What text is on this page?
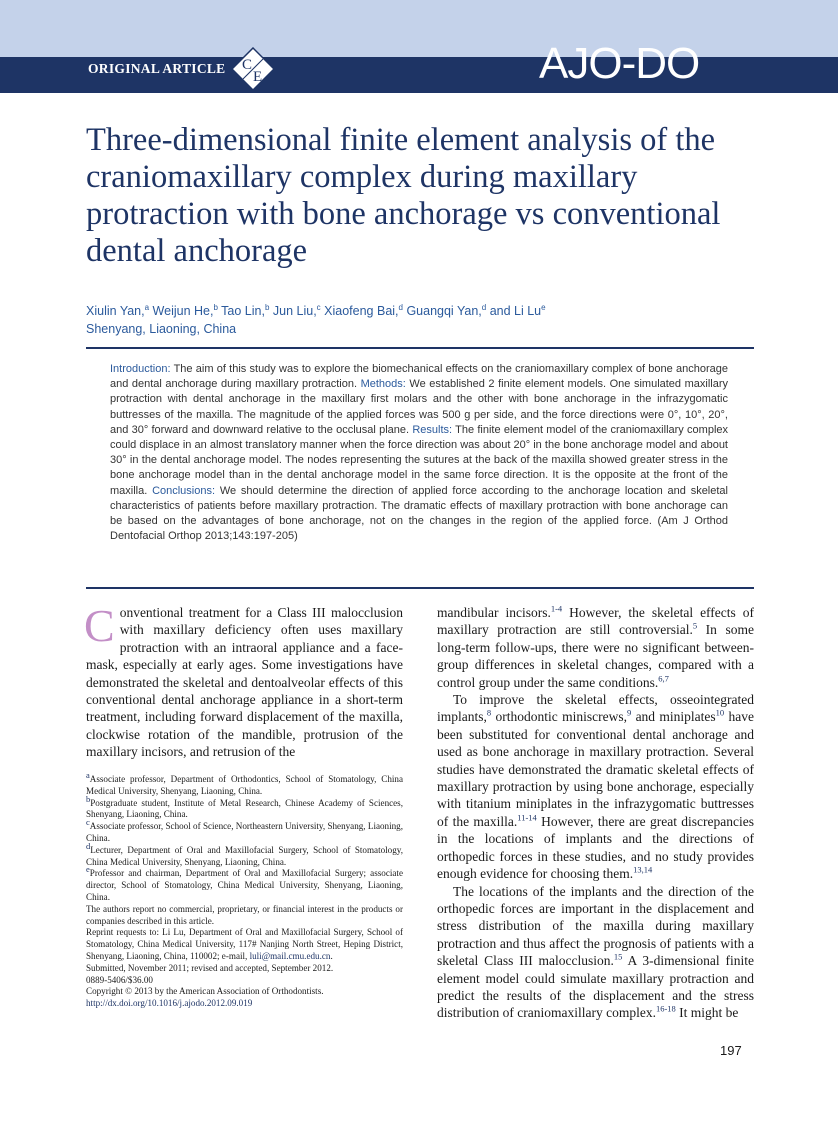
ORIGINAL ARTICLE C
E	AJO-DO
Three-dimensional finite element analysis of the craniomaxillary complex during maxillary protraction with bone anchorage vs conventional dental anchorage
Xiulin Yan,$^a$ Weijun He,$^b$ Tao Lin,$^b$ Jun Liu,$^c$ Xiaofeng Bai,$^d$ Guangqi Yan,$^d$ and Li Lu$^e$
Shenyang, Liaoning, China

Introduction: The aim of this study was to explore the biomechanical effects on the craniomaxillary complex of bone anchorage and dental anchorage during maxillary protraction. Methods: We established 2 finite element models. One simulated maxillary protraction with dental anchorage in the maxillary first molars and the other with bone anchorage in the infrazygomatic buttresses of the maxilla. The magnitude of the applied forces was 500 g per side, and the force directions were 0°, 10°, 20°, and 30° forward and downward relative to the occlusal plane. Results: The finite element model of the craniomaxillary complex could displace in an almost translatory manner when the force direction was about 20° in the bone anchorage model and about 30° in the dental anchorage model. The nodes representing the sutures at the back of the maxilla showed greater stress in the bone anchorage model than in the dental anchorage model in the same force direction. It is the opposite at the front of the maxilla. Conclusions: We should determine the direction of applied force according to the anchorage location and skeletal characteristics of patients before maxillary protraction. The dramatic effects of maxillary protraction with bone anchorage can be based on the advantages of bone anchorage, not on the changes in the region of the applied force. (Am J Orthod Dentofacial Orthop 2013;143:197-205)

Conventional treatment for a Class III malocclusion with maxillary deficiency often uses maxillary protraction with an intraoral appliance and a face-mask, especially at early ages. Some investigations have demonstrated the skeletal and dentoalveolar effects of this conventional dental anchorage appliance in a short-term treatment, including forward displacement of the maxilla, clockwise rotation of the mandible, protrusion of the maxillary incisors, and retrusion of the

$^a$Associate professor, Department of Orthodontics, School of Stomatology, China Medical University, Shenyang, Liaoning, China.

$^b$Postgraduate student, Institute of Metal Research, Chinese Academy of Sciences, Shenyang, Liaoning, China.

$^c$Associate professor, School of Science, Northeastern University, Shenyang, Liaoning, China.

$^d$Lecturer, Department of Oral and Maxillofacial Surgery, School of Stomatology, China Medical University, Shenyang, Liaoning, China.

$^e$Professor and chairman, Department of Oral and Maxillofacial Surgery; associate director, School of Stomatology, China Medical University, Shenyang, Liaoning, China.

The authors report no commercial, proprietary, or financial interest in the products or companies described in this article.

Reprint requests to: Li Lu, Department of Oral and Maxillofacial Surgery, School of Stomatology, China Medical University, 117# Nanjing North Street, Heping District, Shenyang, Liaoning, China, 110002; e-mail, luli@mail.cmu.edu.cn.

Submitted, November 2011; revised and accepted, September 2012.

0889-5406/$36.00

Copyright © 2013 by the American Association of Orthodontists.

http://dx.doi.org/10.1016/j.ajodo.2012.09.019

mandibular incisors.$^{1-4}$ However, the skeletal effects of maxillary protraction are still controversial.$^5$ In some long-term follow-ups, there were no significant between-group differences in skeletal changes, compared with a control group under the same conditions.$^{6,7}$

To improve the skeletal effects, osseointegrated implants,$^8$ orthodontic miniscrews,$^9$ and miniplates$^{10}$ have been substituted for conventional dental anchorage and used as bone anchorage in maxillary protraction. Several studies have demonstrated the dramatic skeletal effects of maxillary protraction by using bone anchorage, especially with titanium miniplates in the infrazygomatic buttresses of the maxilla.$^{11-14}$ However, there are great discrepancies in the locations of implants and the directions of orthopedic forces in these studies, and no study provides enough evidence for choosing them.$^{13,14}$

The locations of the implants and the direction of the orthopedic forces are important in the displacement and stress distribution of the maxilla during maxillary protraction and thus affect the prognosis of patients with a skeletal Class III malocclusion.$^{15}$ A 3-dimensional finite element model could simulate maxillary protraction and predict the results of the displacement and the stress distribution of craniomaxillary complex.$^{16-18}$ It might be

197
